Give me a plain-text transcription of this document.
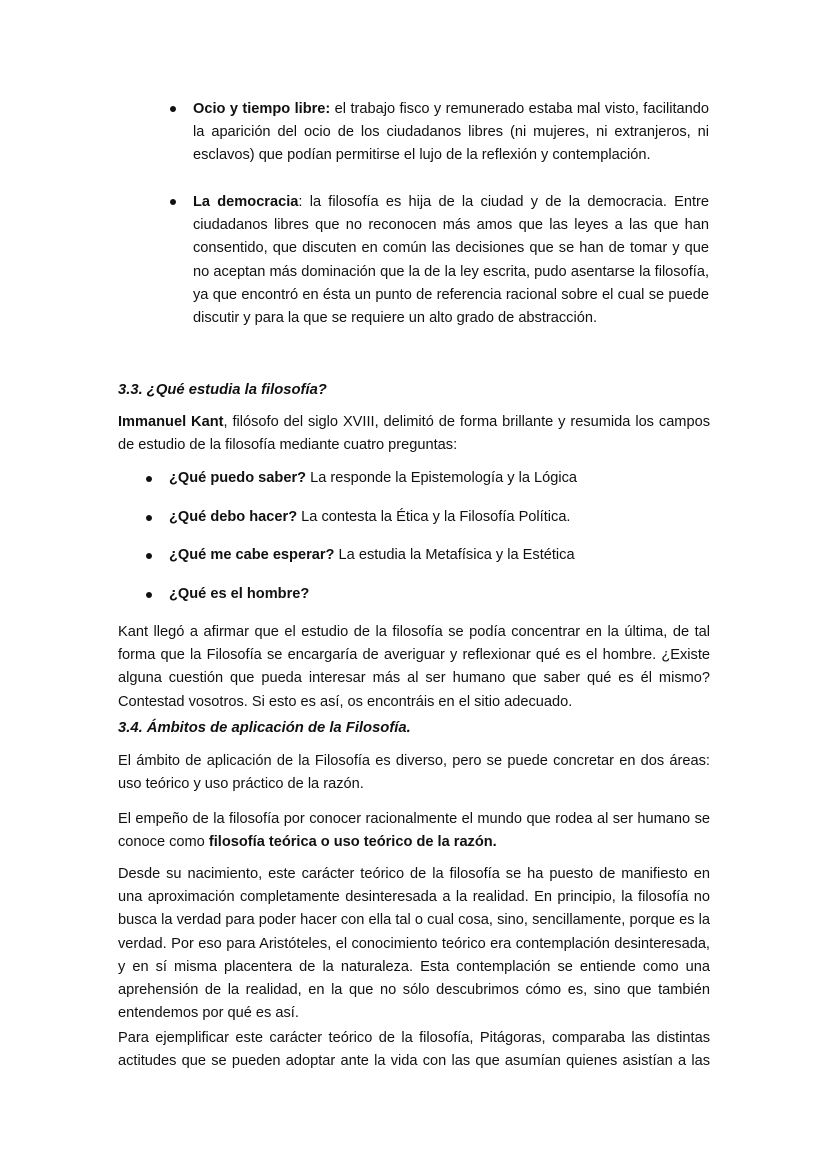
Ocio y tiempo libre: el trabajo fisco y remunerado estaba mal visto, facilitando la aparición del ocio de los ciudadanos libres (ni mujeres, ni extranjeros, ni esclavos) que podían permitirse el lujo de la reflexión y contemplación.

La democracia: la filosofía es hija de la ciudad y de la democracia. Entre ciudadanos libres que no reconocen más amos que las leyes a las que han consentido, que discuten en común las decisiones que se han de tomar y que no aceptan más dominación que la de la ley escrita, pudo asentarse la filosofía, ya que encontró en ésta un punto de referencia racional sobre el cual se puede discutir y para la que se requiere un alto grado de abstracción.

3.3. ¿Qué estudia la filosofía?

Immanuel Kant, filósofo del siglo XVIII, delimitó de forma brillante y resumida los campos de estudio de la filosofía mediante cuatro preguntas:

¿Qué puedo saber? La responde la Epistemología y la Lógica

¿Qué debo hacer? La contesta la Ética y la Filosofía Política.

¿Qué me cabe esperar? La estudia la Metafísica y la Estética

¿Qué es el hombre?

Kant llegó a afirmar que el estudio de la filosofía se podía concentrar en la última, de tal forma que la Filosofía se encargaría de averiguar y reflexionar qué es el hombre. ¿Existe alguna cuestión que pueda interesar más al ser humano que saber qué es él mismo? Contestad vosotros. Si esto es así, os encontráis en el sitio adecuado.

3.4. Ámbitos de aplicación de la Filosofía.

El ámbito de aplicación de la Filosofía es diverso, pero se puede concretar en dos áreas: uso teórico y uso práctico de la razón.

El empeño de la filosofía por conocer racionalmente el mundo que rodea al ser humano se conoce como filosofía teórica o uso teórico de la razón.

Desde su nacimiento, este carácter teórico de la filosofía se ha puesto de manifiesto en una aproximación completamente desinteresada a la realidad. En principio, la filosofía no busca la verdad para poder hacer con ella tal o cual cosa, sino, sencillamente, porque es la verdad. Por eso para Aristóteles, el conocimiento teórico era contemplación desinteresada, y en sí misma placentera de la naturaleza. Esta contemplación se entiende como una aprehensión de la realidad, en la que no sólo descubrimos cómo es, sino que también entendemos por qué es así.

Para ejemplificar este carácter teórico de la filosofía, Pitágoras, comparaba las distintas actitudes que se pueden adoptar ante la vida con las que asumían quienes asistían a las
